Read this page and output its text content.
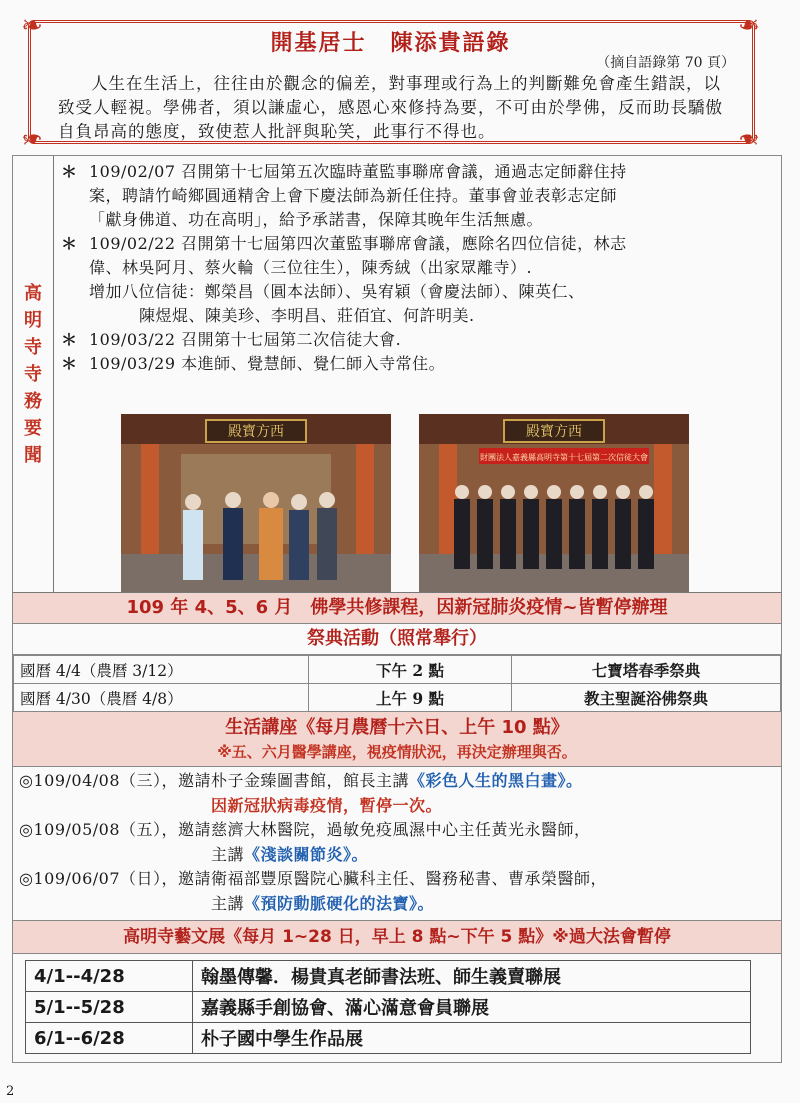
❧	❧
❧	❧
開基居士　陳添貴語錄
（摘自語錄第 70 頁）
人生在生活上，往往由於觀念的偏差，對事理或行為上的判斷難免會產生錯誤，以致受人輕視。學佛者，須以謙虛心，感恩心來修持為要，不可由於學佛，反而助長驕傲自負昂高的態度，致使惹人批評與恥笑，此事行不得也。
高
明
寺
寺
務
要
聞
＊ 109/02/07 召開第十七屆第五次臨時董監事聯席會議，通過志定師辭住持
案，聘請竹崎鄉圓通精舍上會下慶法師為新任住持。董事會並表彰志定師
「獻身佛道、功在高明」，給予承諾書，保障其晚年生活無慮。
＊ 109/02/22 召開第十七屆第四次董監事聯席會議，應除名四位信徒，林志
偉、林吳阿月、蔡火輪（三位往生），陳秀絨（出家眾離寺）.
增加八位信徒：鄭榮昌（圓本法師）、吳宥穎（會慶法師）、陳英仁、
陳煜焜、陳美珍、李明昌、莊佰宜、何許明美.
＊ 109/03/22 召開第十七屆第二次信徒大會.
＊ 109/03/29 本進師、覺慧師、覺仁師入寺常住。
殿寶方西	殿寶方西
財團法人嘉義縣高明寺第十七屆第二次信徒大會
109 年 4、5、6 月　佛學共修課程，因新冠肺炎疫情~皆暫停辦理
祭典活動（照常舉行）
國曆 4/4（農曆 3/12）	下午 2 點	七寶塔春季祭典
國曆 4/30（農曆 4/8）	上午 9 點	教主聖誕浴佛祭典
生活講座《每月農曆十六日、上午 10 點》
※五、六月醫學講座，視疫情狀況，再決定辦理與否。
◎109/04/08（三），邀請朴子金臻圖書館，館長主講《彩色人生的黑白畫》。
因新冠狀病毒疫情，暫停一次。
◎109/05/08（五），邀請慈濟大林醫院，過敏免疫風濕中心主任黃光永醫師，
主講《淺談關節炎》。
◎109/06/07（日），邀請衛福部豐原醫院心臟科主任、醫務秘書、曹承榮醫師，
主講《預防動脈硬化的法寶》。
高明寺藝文展《每月 1~28 日，早上 8 點~下午 5 點》※過大法會暫停
4/1--4/28	翰墨傳馨．楊貴真老師書法班、師生義賣聯展
5/1--5/28	嘉義縣手創協會、滿心滿意會員聯展
6/1--6/28	朴子國中學生作品展
2
